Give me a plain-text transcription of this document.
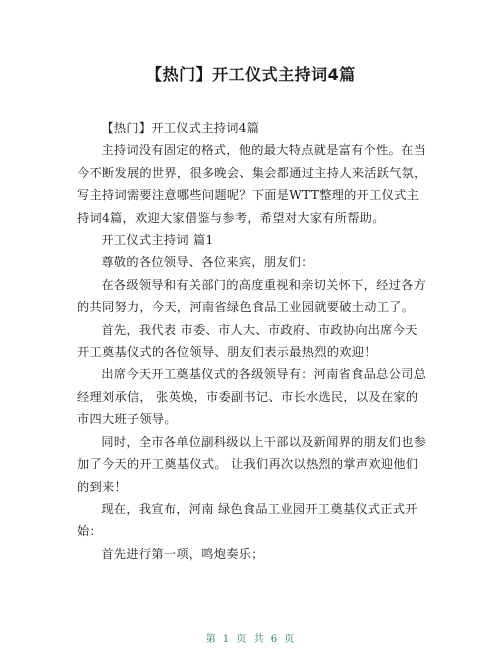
【热门】开工仪式主持词4篇

【热门】开工仪式主持词4篇

主持词没有固定的格式，他的最大特点就是富有个性。在当今不断发展的世界，很多晚会、集会都通过主持人来活跃气氛，写主持词需要注意哪些问题呢？下面是WTT整理的开工仪式主持词4篇，欢迎大家借鉴与参考，希望对大家有所帮助。

开工仪式主持词 篇1

尊敬的各位领导、各位来宾，朋友们：

在各级领导和有关部门的高度重视和亲切关怀下，经过各方的共同努力，今天，河南省绿色食品工业园就要破土动工了。

首先，我代表 市委、市人大、市政府、市政协向出席今天开工奠基仪式的各位领导、朋友们表示最热烈的欢迎！

出席今天开工奠基仪式的各级领导有：河南省食品总公司总经理刘承信， 张英焕，市委副书记、市长水选民，以及在家的市四大班子领导。

同时，全市各单位副科级以上干部以及新闻界的朋友们也参加了今天的开工奠基仪式。 让我们再次以热烈的掌声欢迎他们的到来！

现在，我宣布，河南 绿色食品工业园开工奠基仪式正式开始：

首先进行第一项，鸣炮奏乐；

第 1 页 共 6 页
